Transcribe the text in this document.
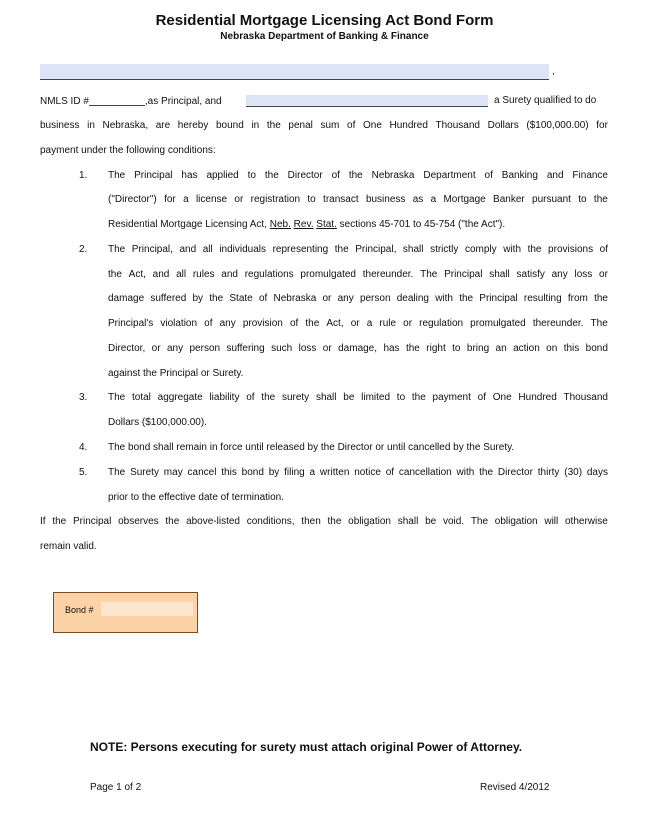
Residential Mortgage Licensing Act Bond Form
Nebraska Department of Banking & Finance
,
NMLS ID #	,as Principal, and	a Surety qualified to do
business in Nebraska, are hereby bound in the penal sum of One Hundred Thousand Dollars ($100,000.00) for
payment under the following conditions:
1. The Principal has applied to the Director of the Nebraska Department of Banking and Finance
("Director") for a license or registration to transact business as a Mortgage Banker pursuant to the
Residential Mortgage Licensing Act, Neb. Rev. Stat. sections 45-701 to 45-754 ("the Act").
2. The Principal, and all individuals representing the Principal, shall strictly comply with the provisions of
the Act, and all rules and regulations promulgated thereunder. The Principal shall satisfy any loss or
damage suffered by the State of Nebraska or any person dealing with the Principal resulting from the
Principal's violation of any provision of the Act, or a rule or regulation promulgated thereunder. The
Director, or any person suffering such loss or damage, has the right to bring an action on this bond
against the Principal or Surety.
3. The total aggregate liability of the surety shall be limited to the payment of One Hundred Thousand
Dollars ($100,000.00).
4. The bond shall remain in force until released by the Director or until cancelled by the Surety.
5. The Surety may cancel this bond by filing a written notice of cancellation with the Director thirty (30) days
prior to the effective date of termination.
If the Principal observes the above-listed conditions, then the obligation shall be void. The obligation will otherwise
remain valid.
Bond #
NOTE: Persons executing for surety must attach original Power of Attorney.
Page 1 of 2	Revised 4/2012
